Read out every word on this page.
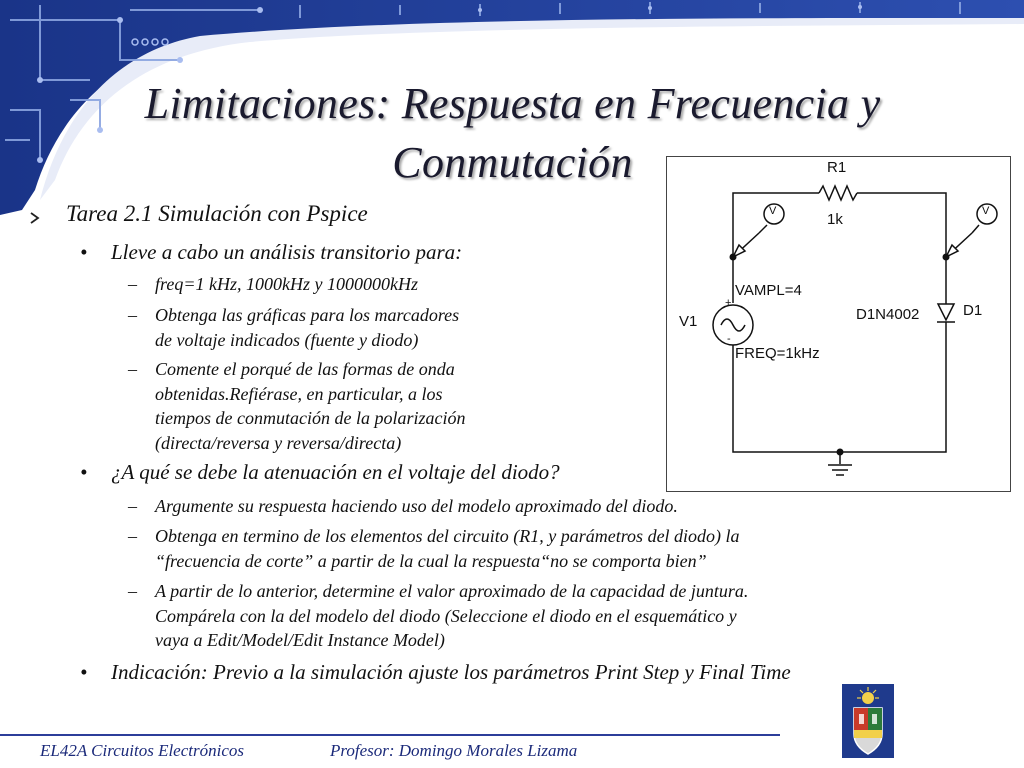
Limitaciones: Respuesta en Frecuencia y
Conmutación
Tarea 2.1 Simulación con Pspice
• Lleve a cabo un análisis transitorio para:
– freq=1 kHz, 1000kHz y 1000000kHz
– Obtenga las gráficas para los marcadores
de voltaje indicados (fuente y diodo)
– Comente el porqué de las formas de onda
obtenidas.Refiérase, en particular, a los
tiempos de conmutación de la polarización
(directa/reversa y reversa/directa)
• ¿A qué se debe la atenuación en el voltaje del diodo?
– Argumente su respuesta haciendo uso del modelo aproximado del diodo.
– Obtenga en termino de los elementos del circuito (R1, y parámetros del diodo) la
“frecuencia de corte” a partir de la cual la respuesta“no se comporta bien”
– A partir de lo anterior, determine el valor aproximado de la capacidad de juntura.
Compárela con la del modelo del diodo (Seleccione el diodo en el esquemático y
vaya a Edit/Model/Edit Instance Model)
• Indicación: Previo a la simulación ajuste los parámetros Print Step y Final Time
V	V
R1
1k
VAMPL=4
V1
FREQ=1kHz
+
-
D1N4002	D1
EL42A Circuitos Electrónicos	Profesor: Domingo Morales Lizama
